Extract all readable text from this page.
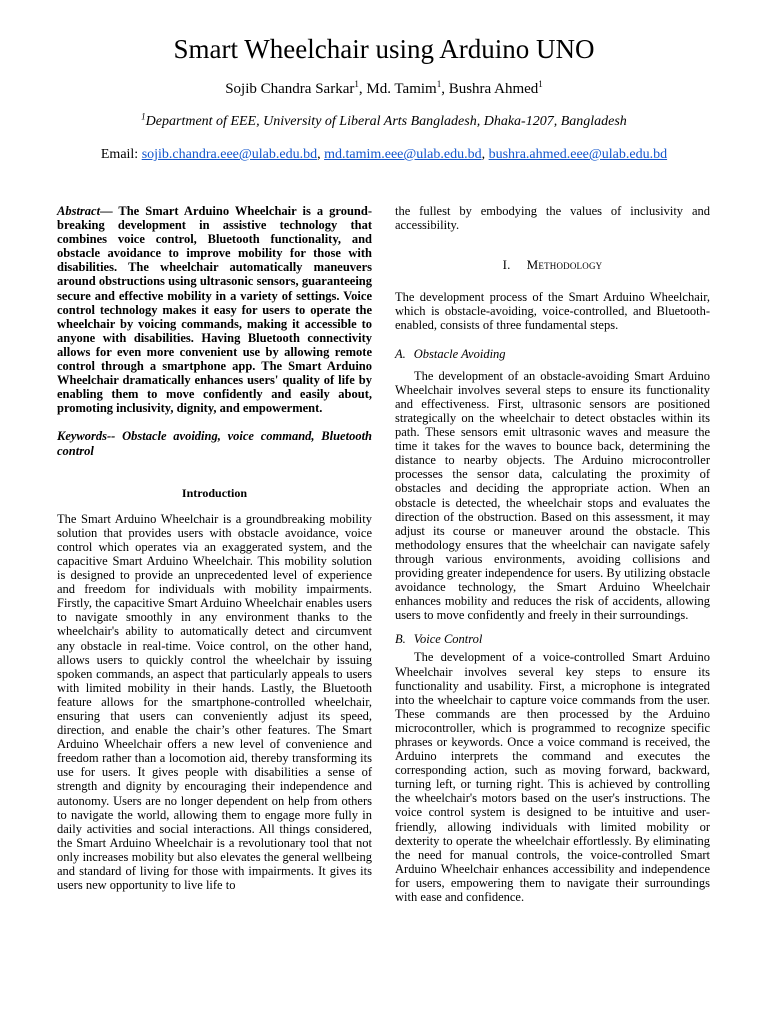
Smart Wheelchair using Arduino UNO
Sojib Chandra Sarkar$^1$, Md. Tamim$^1$, Bushra Ahmed$^1$
$^1$Department of EEE, University of Liberal Arts Bangladesh, Dhaka-1207, Bangladesh
Email: sojib.chandra.eee@ulab.edu.bd, md.tamim.eee@ulab.edu.bd, bushra.ahmed.eee@ulab.edu.bd

Abstract— The Smart Arduino Wheelchair is a ground-breaking development in assistive technology that combines voice control, Bluetooth functionality, and obstacle avoidance to improve mobility for those with disabilities. The wheelchair automatically maneuvers around obstructions using ultrasonic sensors, guaranteeing secure and effective mobility in a variety of settings. Voice control technology makes it easy for users to operate the wheelchair by voicing commands, making it accessible to anyone with disabilities. Having Bluetooth connectivity allows for even more convenient use by allowing remote control through a smartphone app. The Smart Arduino Wheelchair dramatically enhances users' quality of life by enabling them to move confidently and easily about, promoting inclusivity, dignity, and empowerment.

Keywords-- Obstacle avoiding, voice command, Bluetooth control

Introduction

The Smart Arduino Wheelchair is a groundbreaking mobility solution that provides users with obstacle avoidance, voice control which operates via an exaggerated system, and the capacitive Smart Arduino Wheelchair. This mobility solution is designed to provide an unprecedented level of experience and freedom for individuals with mobility impairments. Firstly, the capacitive Smart Arduino Wheelchair enables users to navigate smoothly in any environment thanks to the wheelchair's ability to automatically detect and circumvent any obstacle in real-time. Voice control, on the other hand, allows users to quickly control the wheelchair by issuing spoken commands, an aspect that particularly appeals to users with limited mobility in their hands. Lastly, the Bluetooth feature allows for the smartphone-controlled wheelchair, ensuring that users can conveniently adjust its speed, direction, and enable the chair’s other features. The Smart Arduino Wheelchair offers a new level of convenience and freedom rather than a locomotion aid, thereby transforming its use for users. It gives people with disabilities a sense of strength and dignity by encouraging their independence and autonomy. Users are no longer dependent on help from others to navigate the world, allowing them to engage more fully in daily activities and social interactions. All things considered, the Smart Arduino Wheelchair is a revolutionary tool that not only increases mobility but also elevates the general wellbeing and standard of living for those with impairments. It gives its users new opportunity to live life to

the fullest by embodying the values of inclusivity and accessibility.

I. Methodology

The development process of the Smart Arduino Wheelchair, which is obstacle-avoiding, voice-controlled, and Bluetooth-enabled, consists of three fundamental steps.

A. Obstacle Avoiding

The development of an obstacle-avoiding Smart Arduino Wheelchair involves several steps to ensure its functionality and effectiveness. First, ultrasonic sensors are positioned strategically on the wheelchair to detect obstacles within its path. These sensors emit ultrasonic waves and measure the time it takes for the waves to bounce back, determining the distance to nearby objects. The Arduino microcontroller processes the sensor data, calculating the proximity of obstacles and deciding the appropriate action. When an obstacle is detected, the wheelchair stops and evaluates the direction of the obstruction. Based on this assessment, it may adjust its course or maneuver around the obstacle. This methodology ensures that the wheelchair can navigate safely through various environments, avoiding collisions and providing greater independence for users. By utilizing obstacle avoidance technology, the Smart Arduino Wheelchair enhances mobility and reduces the risk of accidents, allowing users to move confidently and freely in their surroundings.

B. Voice Control

The development of a voice-controlled Smart Arduino Wheelchair involves several key steps to ensure its functionality and usability. First, a microphone is integrated into the wheelchair to capture voice commands from the user. These commands are then processed by the Arduino microcontroller, which is programmed to recognize specific phrases or keywords. Once a voice command is received, the Arduino interprets the command and executes the corresponding action, such as moving forward, backward, turning left, or turning right. This is achieved by controlling the wheelchair's motors based on the user's instructions. The voice control system is designed to be intuitive and user-friendly, allowing individuals with limited mobility or dexterity to operate the wheelchair effortlessly. By eliminating the need for manual controls, the voice-controlled Smart Arduino Wheelchair enhances accessibility and independence for users, empowering them to navigate their surroundings with ease and confidence.
